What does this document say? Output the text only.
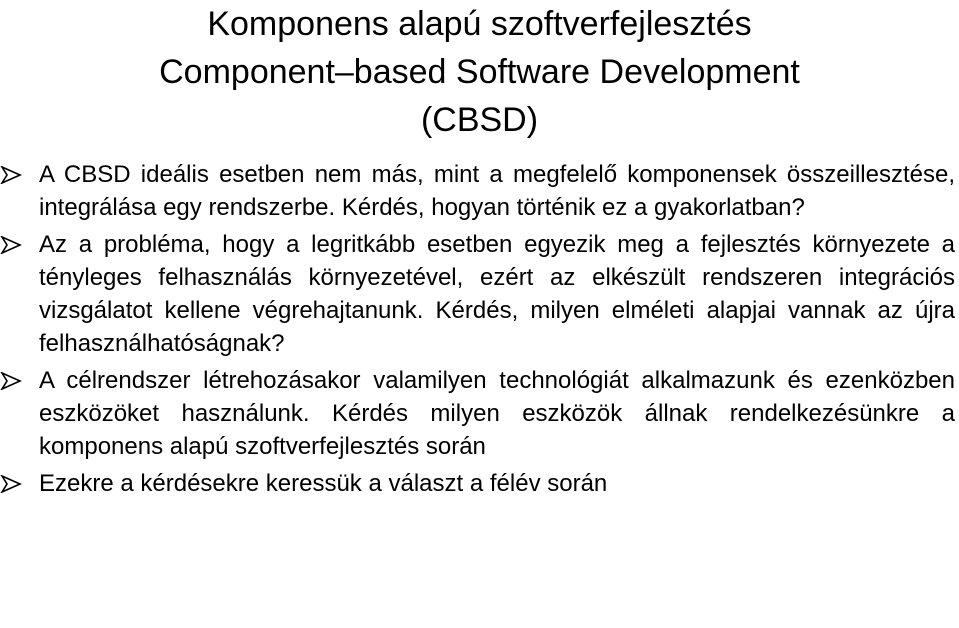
Komponens alapú szoftverfejlesztés
Component–based Software Development
(CBSD)
A CBSD ideális esetben nem más, mint a megfelelő komponensek összeillesztése, integrálása egy rendszerbe. Kérdés, hogyan történik ez a gyakorlatban?
Az a probléma, hogy a legritkább esetben egyezik meg a fejlesztés környezete a tényleges felhasználás környezetével, ezért az elkészült rendszeren integrációs vizsgálatot kellene végrehajtanunk. Kérdés, milyen elméleti alapjai vannak az újra felhasználhatóságnak?
A célrendszer létrehozásakor valamilyen technológiát alkalmazunk és ezenközben eszközöket használunk. Kérdés milyen eszközök állnak rendelkezésünkre a komponens alapú szoftverfejlesztés során
Ezekre a kérdésekre keressük a választ a félév során
